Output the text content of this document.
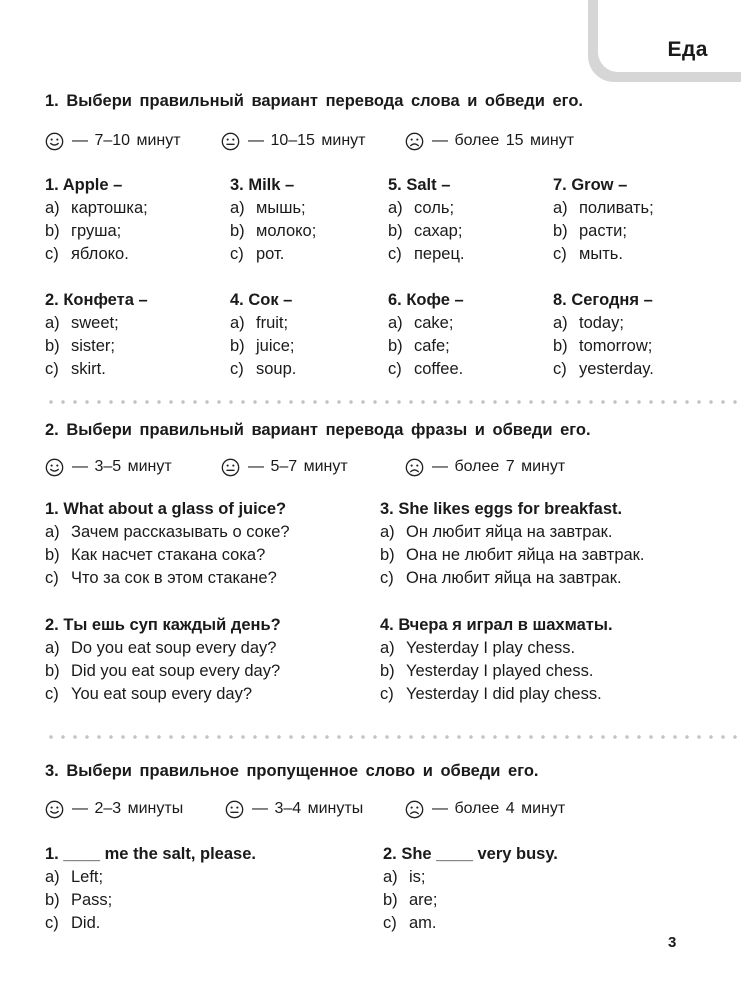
Еда
1. Выбери правильный вариант перевода слова и обведи его.
— 7–10 минут	— 10–15 минут	— более 15 минут
1. Apple –
a) картошка;
b) груша;
c) яблоко.
3. Milk –
a) мышь;
b) молоко;
c) рот.
5. Salt –
a) соль;
b) сахар;
c) перец.
7. Grow –
a) поливать;
b) расти;
c) мыть.
2. Конфета –
a) sweet;
b) sister;
c) skirt.
4. Сок –
a) fruit;
b) juice;
c) soup.
6. Кофе –
a) cake;
b) cafe;
c) coffee.
8. Сегодня –
a) today;
b) tomorrow;
c) yesterday.
2. Выбери правильный вариант перевода фразы и обведи его.
— 3–5 минут	— 5–7 минут	— более 7 минут
1. What about a glass of juice?
a) Зачем рассказывать о соке?
b) Как насчет стакана сока?
c) Что за сок в этом стакане?
3. She likes eggs for breakfast.
a) Он любит яйца на завтрак.
b) Она не любит яйца на завтрак.
c) Она любит яйца на завтрак.
2. Ты ешь суп каждый день?
a) Do you eat soup every day?
b) Did you eat soup every day?
c) You eat soup every day?
4. Вчера я играл в шахматы.
a) Yesterday I play chess.
b) Yesterday I played chess.
c) Yesterday I did play chess.
3. Выбери правильное пропущенное слово и обведи его.
— 2–3 минуты	— 3–4 минуты	— более 4 минут
1. ____ me the salt, please.
a) Left;
b) Pass;
c) Did.
2. She ____ very busy.
a) is;
b) are;
c) am.
3
